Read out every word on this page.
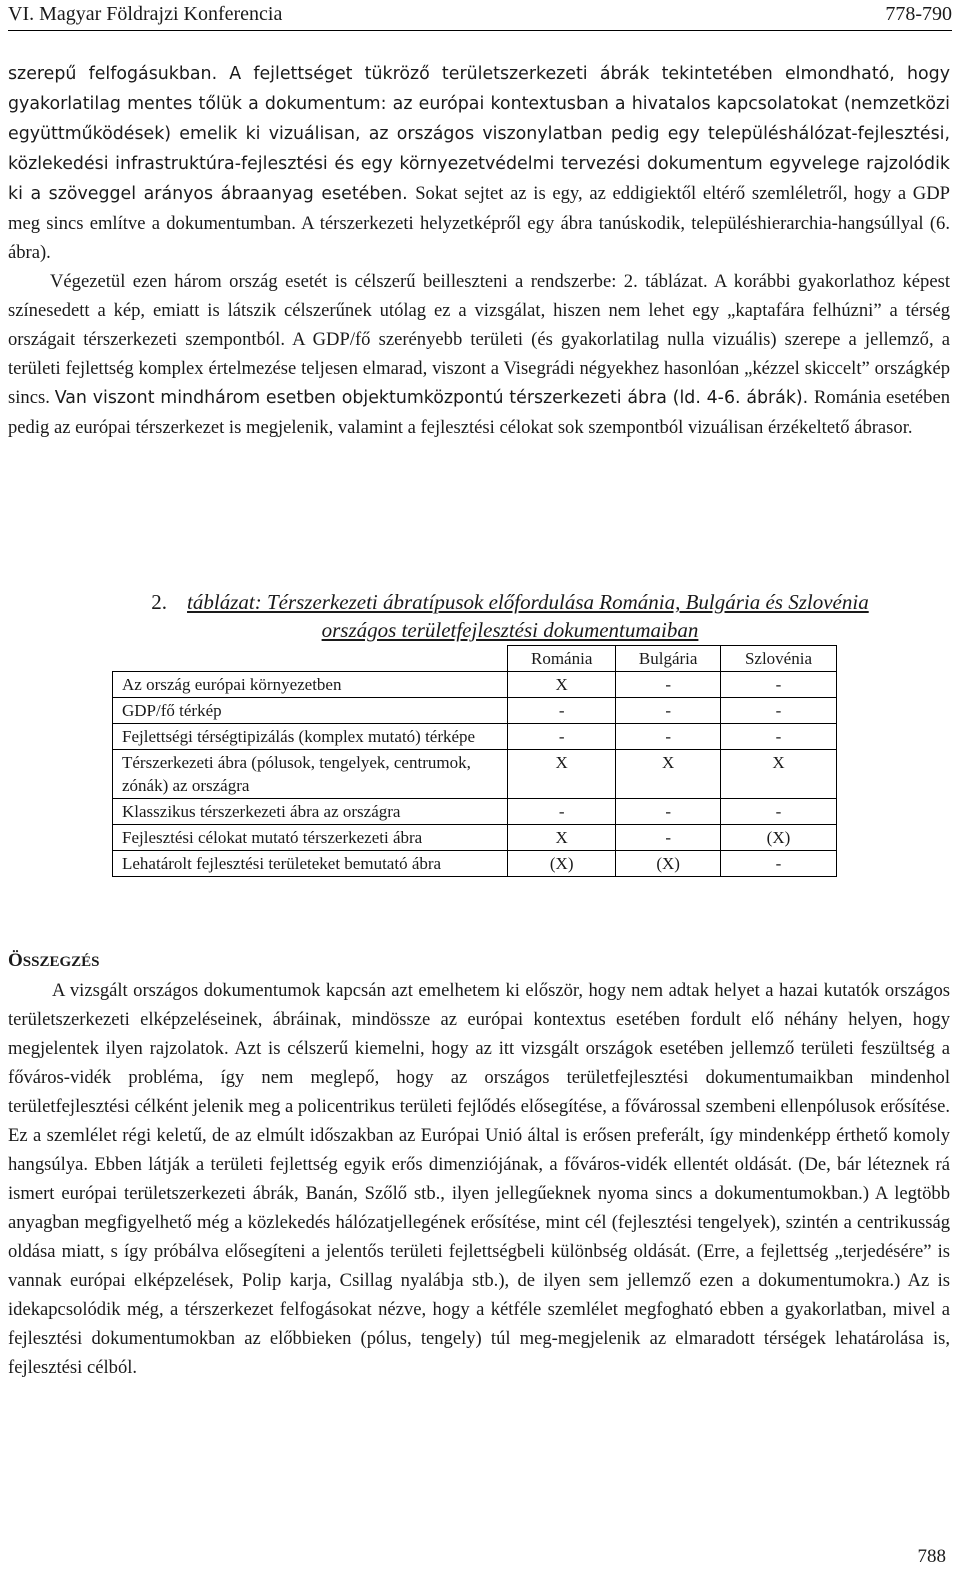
VI. Magyar Földrajzi Konferencia	778-790

szerepű felfogásukban. A fejlettséget tükröző területszerkezeti ábrák tekintetében elmondható, hogy gyakorlatilag mentes tőlük a dokumentum: az európai kontextusban a hivatalos kapcsolatokat (nemzetközi együttműködések) emelik ki vizuálisan, az országos viszonylatban pedig egy településhálózat-fejlesztési, közlekedési infrastruktúra-fejlesztési és egy környezetvédelmi tervezési dokumentum egyvelege rajzolódik ki a szöveggel arányos ábraanyag esetében. Sokat sejtet az is egy, az eddigiektől eltérő szemléletről, hogy a GDP meg sincs említve a dokumentumban. A térszerkezeti helyzetképről egy ábra tanúskodik, településhierarchia-hangsúllyal (6. ábra).
Végezetül ezen három ország esetét is célszerű beilleszteni a rendszerbe: 2. táblázat. A korábbi gyakorlathoz képest színesedett a kép, emiatt is látszik célszerűnek utólag ez a vizsgálat, hiszen nem lehet egy „kaptafára felhúzni” a térség országait térszerkezeti szempontból. A GDP/fő szerényebb területi (és gyakorlatilag nulla vizuális) szerepe a jellemző, a területi fejlettség komplex értelmezése teljesen elmarad, viszont a Visegrádi négyekhez hasonlóan „kézzel skiccelt” országkép sincs. Van viszont mindhárom esetben objektumközpontú térszerkezeti ábra (ld. 4-6. ábrák). Románia esetében pedig az európai térszerkezet is megjelenik, valamint a fejlesztési célokat sok szempontból vizuálisan érzékeltető ábrasor.

2. táblázat: Térszerkezeti ábratípusok előfordulása Románia, Bulgária és Szlovénia
országos területfejlesztési dokumentumaiban
	Románia	Bulgária	Szlovénia
Az ország európai környezetben	X	-	-
GDP/fő térkép	-	-	-
Fejlettségi térségtipizálás (komplex mutató) térképe	-	-	-
Térszerkezeti ábra (pólusok, tengelyek, centrumok, zónák) az országra	X	X	X
Klasszikus térszerkezeti ábra az országra	-	-	-
Fejlesztési célokat mutató térszerkezeti ábra	X	-	(X)
Lehatárolt fejlesztési területeket bemutató ábra	(X)	(X)	-
ÖSSZEGZÉS

A vizsgált országos dokumentumok kapcsán azt emelhetem ki először, hogy nem adtak helyet a hazai kutatók országos területszerkezeti elképzeléseinek, ábráinak, mindössze az európai kontextus esetében fordult elő néhány helyen, hogy megjelentek ilyen rajzolatok. Azt is célszerű kiemelni, hogy az itt vizsgált országok esetében jellemző területi feszültség a főváros-vidék probléma, így nem meglepő, hogy az országos területfejlesztési dokumentumaikban mindenhol területfejlesztési célként jelenik meg a policentrikus területi fejlődés elősegítése, a fővárossal szembeni ellenpólusok erősítése. Ez a szemlélet régi keletű, de az elmúlt időszakban az Európai Unió által is erősen preferált, így mindenképp érthető komoly hangsúlya. Ebben látják a területi fejlettség egyik erős dimenziójának, a főváros-vidék ellentét oldását. (De, bár léteznek rá ismert európai területszerkezeti ábrák, Banán, Szőlő stb., ilyen jellegűeknek nyoma sincs a dokumentumokban.) A legtöbb anyagban megfigyelhető még a közlekedés hálózatjellegének erősítése, mint cél (fejlesztési tengelyek), szintén a centrikusság oldása miatt, s így próbálva elősegíteni a jelentős területi fejlettségbeli különbség oldását. (Erre, a fejlettség „terjedésére” is vannak európai elképzelések, Polip karja, Csillag nyalábja stb.), de ilyen sem jellemző ezen a dokumentumokra.) Az is idekapcsolódik még, a térszerkezet felfogásokat nézve, hogy a kétféle szemlélet megfogható ebben a gyakorlatban, mivel a fejlesztési dokumentumokban az előbbieken (pólus, tengely) túl meg-megjelenik az elmaradott térségek lehatárolása is, fejlesztési célból.

788
